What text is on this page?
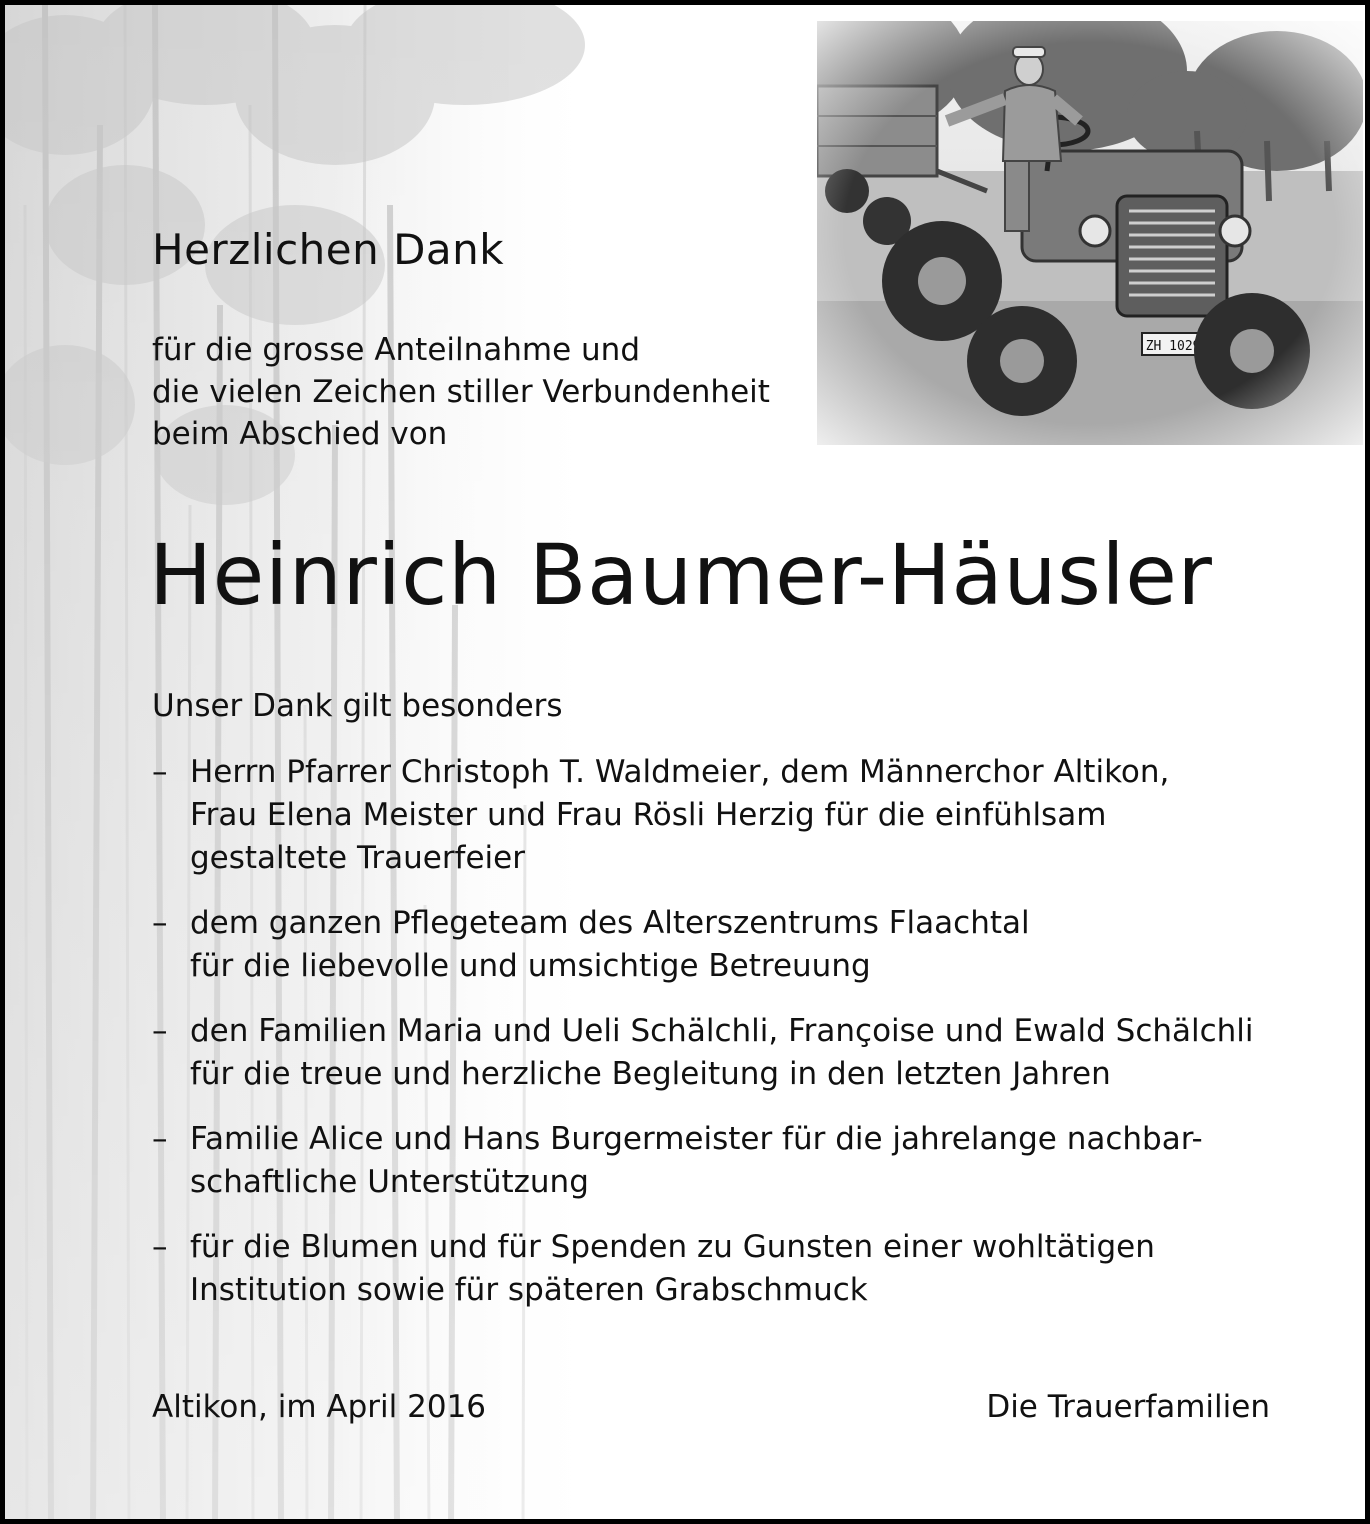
Herzlichen Dank
für die grosse Anteilnahme und
die vielen Zeichen stiller Verbundenheit
beim Abschied von
Heinrich Baumer-Häusler
Unser Dank gilt besonders
– Herrn Pfarrer Christoph T. Waldmeier, dem Männerchor Altikon,
Frau Elena Meister und Frau Rösli Herzig für die einfühlsam
gestaltete Trauerfeier
– dem ganzen Pflegeteam des Alterszentrums Flaachtal
für die liebevolle und umsichtige Betreuung
– den Familien Maria und Ueli Schälchli, Françoise und Ewald Schälchli
für die treue und herzliche Begleitung in den letzten Jahren
– Familie Alice und Hans Burgermeister für die jahrelange nachbar-
schaftliche Unterstützung
– für die Blumen und für Spenden zu Gunsten einer wohltätigen
Institution sowie für späteren Grabschmuck
Altikon, im April 2016	Die Trauerfamilien
